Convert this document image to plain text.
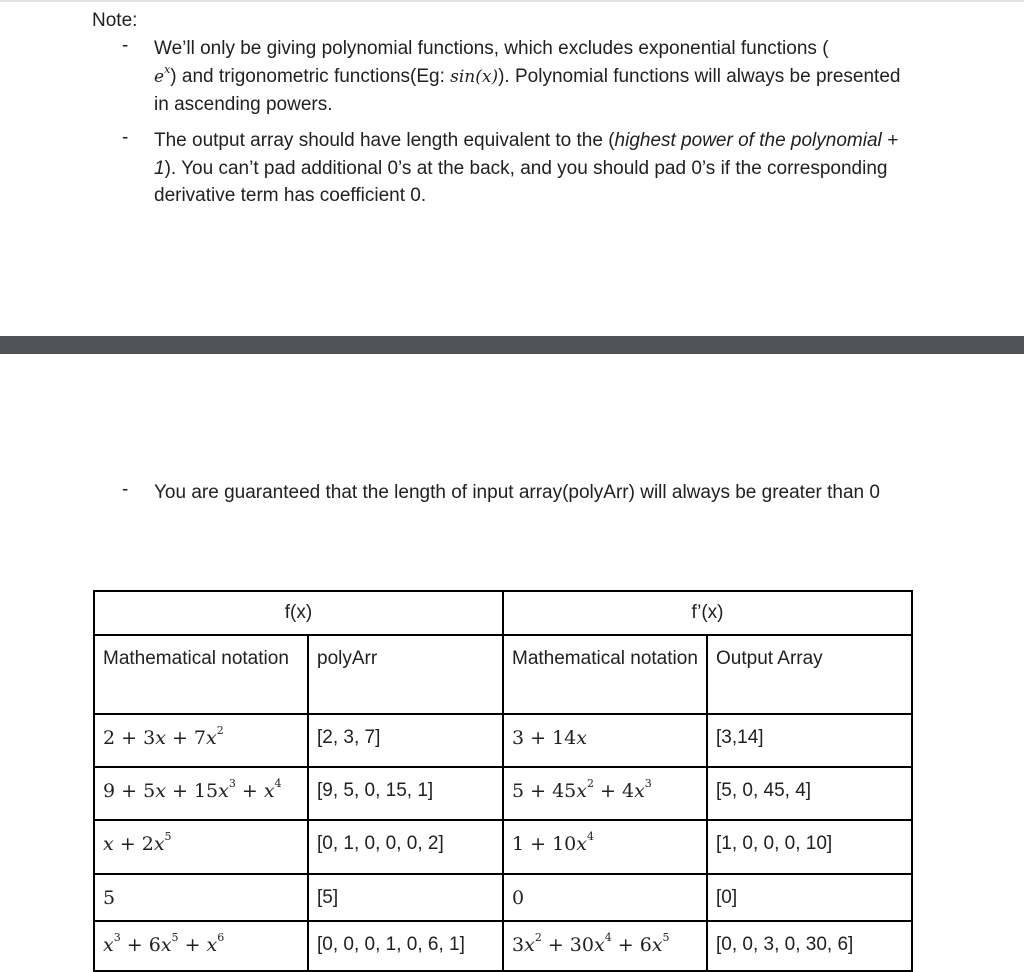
Note:
- We’ll only be giving polynomial functions, which excludes exponential functions (
$e^x$) and trigonometric functions(Eg: sin(x)). Polynomial functions will always be presented in ascending powers.
- The output array should have length equivalent to the (highest power of the polynomial + 1). You can’t pad additional 0’s at the back, and you should pad 0’s if the corresponding derivative term has coefficient 0.
- You are guaranteed that the length of input array(polyArr) will always be greater than 0
f(x)		f’(x)	
Mathematical notation	polyArr	Mathematical notation	Output Array
$2 + 3x + 7x^2$	[2, 3, 7]	3 + 14x	[3,14]
$9 + 5x + 15x^3 + x^4$	[9, 5, 0, 15, 1]	$5 + 45x^2 + 4x^3$	[5, 0, 45, 4]
$x + 2x^5$	[0, 1, 0, 0, 0, 2]	$1 + 10x^4$	[1, 0, 0, 0, 10]
5	[5]	0	[0]
$x^3 + 6x^5 + x^6$	[0, 0, 0, 1, 0, 6, 1]	$3x^2 + 30x^4 + 6x^5$	[0, 0, 3, 0, 30, 6]
